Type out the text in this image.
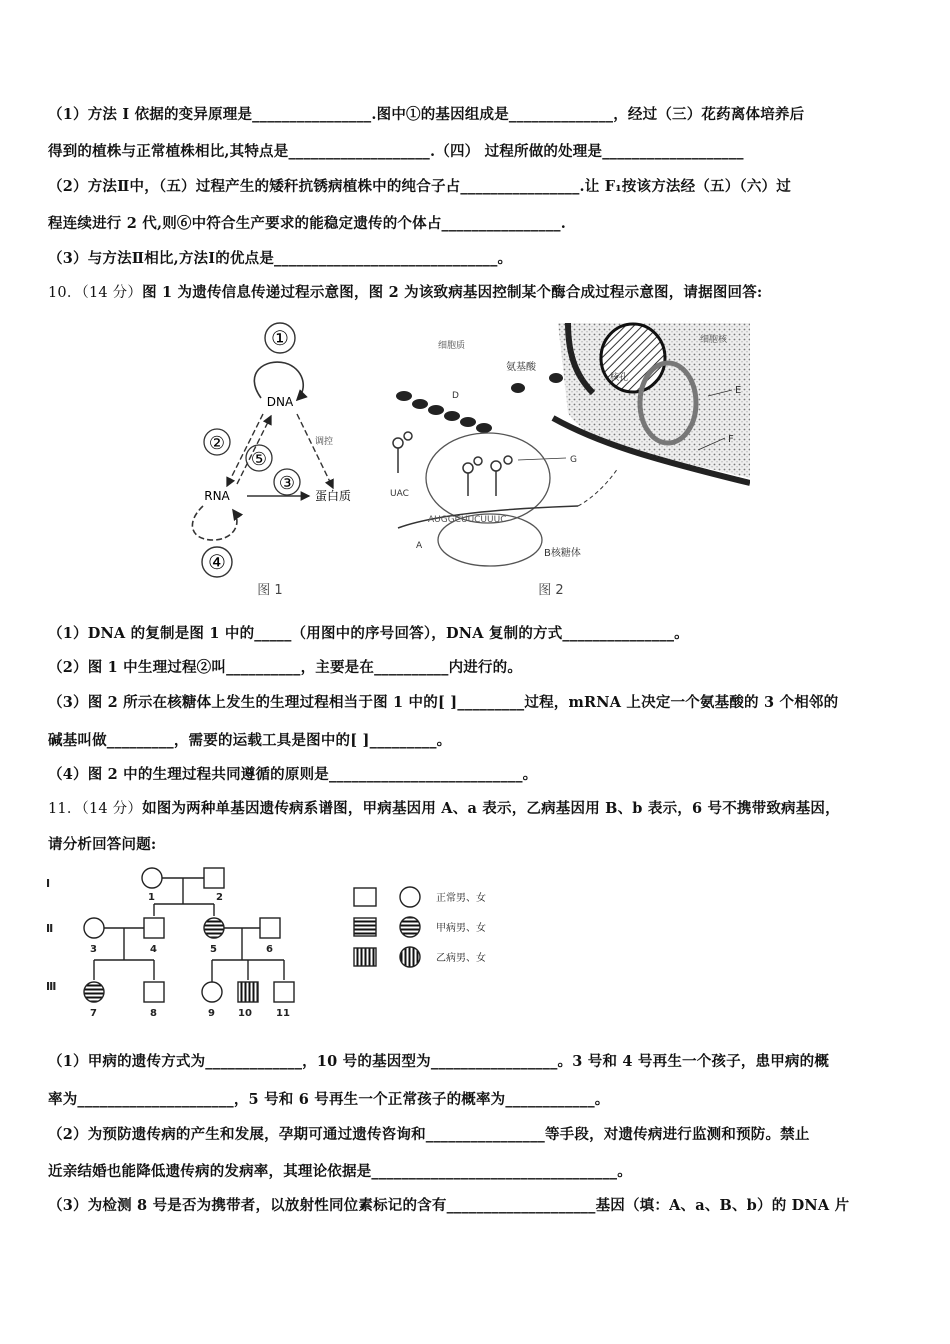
（1）方法 I 依据的变异原理是________________.图中①的基因组成是______________，经过（三）花药离体培养后
得到的植株与正常植株相比,其特点是___________________.（四） 过程所做的处理是___________________
（2）方法Ⅱ中，（五）过程产生的矮秆抗锈病植株中的纯合子占________________.让 F₁按该方法经（五）（六）过
程连续进行 2 代,则⑥中符合生产要求的能稳定遗传的个体占________________.
（3）与方法Ⅱ相比,方法Ⅰ的优点是______________________________。
10．（14 分）图 1 为遗传信息传递过程示意图，图 2 为该致病基因控制某个酶合成过程示意图，请据图回答:
①
DNA
调控
②
⑤
③
RNA	蛋白质
④
图 1
细胞核
核孔
E
F
细胞质
氨基酸
D
UAC
G
AUGGCUUCUUUC
A
B核糖体
图 2
（1）DNA 的复制是图 1 中的_____（用图中的序号回答），DNA 复制的方式_______________。
（2）图 1 中生理过程②叫__________，主要是在__________内进行的。
（3）图 2 所示在核糖体上发生的生理过程相当于图 1 中的[ ]_________过程，mRNA 上决定一个氨基酸的 3 个相邻的
碱基叫做_________，需要的运载工具是图中的[ ]_________。
（4）图 2 中的生理过程共同遵循的原则是__________________________。
11．（14 分）如图为两种单基因遗传病系谱图，甲病基因用 A、a 表示，乙病基因用 B、b 表示，6 号不携带致病基因，
请分析回答问题:
Ⅰ
Ⅱ
Ⅲ
1	2
3	4	5	6
7	8	9 10 11
正常男、女
甲病男、女
乙病男、女
（1）甲病的遗传方式为_____________，10 号的基因型为_________________。3 号和 4 号再生一个孩子，患甲病的概
率为_____________________，5 号和 6 号再生一个正常孩子的概率为____________。
（2）为预防遗传病的产生和发展，孕期可通过遗传咨询和________________等手段，对遗传病进行监测和预防。禁止
近亲结婚也能降低遗传病的发病率，其理论依据是_________________________________。
（3）为检测 8 号是否为携带者，以放射性同位素标记的含有____________________基因（填：A、a、B、b）的 DNA 片
